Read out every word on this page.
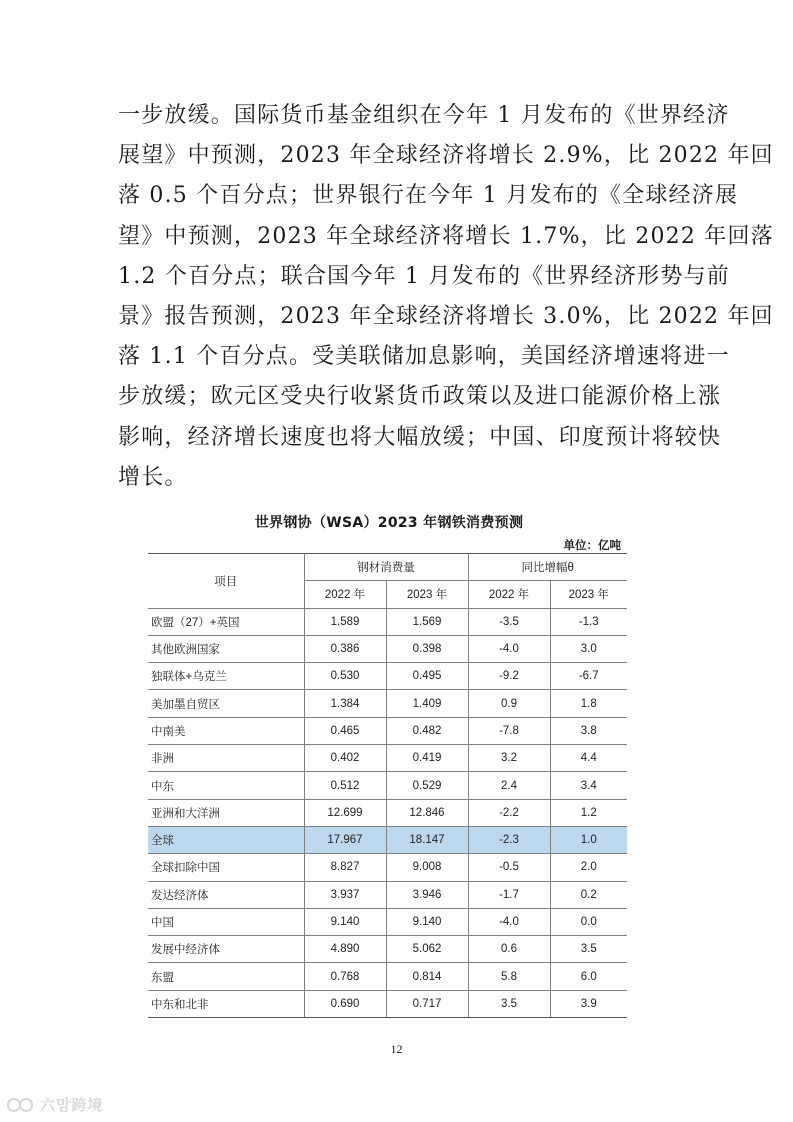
一步放缓。国际货币基金组织在今年 1 月发布的《世界经济
展望》中预测，2023 年全球经济将增长 2.9%，比 2022 年回
落 0.5 个百分点；世界银行在今年 1 月发布的《全球经济展
望》中预测，2023 年全球经济将增长 1.7%，比 2022 年回落
1.2 个百分点；联合国今年 1 月发布的《世界经济形势与前
景》报告预测，2023 年全球经济将增长 3.0%，比 2022 年回
落 1.1 个百分点。受美联储加息影响，美国经济增速将进一
步放缓；欧元区受央行收紧货币政策以及进口能源价格上涨
影响，经济增长速度也将大幅放缓；中国、印度预计将较快
增长。
世界钢协（WSA）2023 年钢铁消费预测
单位：亿吨
项目	钢材消费量		同比增幅θ	
	2022 年	2023 年	2022 年	2023 年
欧盟（27）+英国	1.589	1.569	-3.5	-1.3
其他欧洲国家	0.386	0.398	-4.0	3.0
独联体+乌克兰	0.530	0.495	-9.2	-6.7
美加墨自贸区	1.384	1.409	0.9	1.8
中南美	0.465	0.482	-7.8	3.8
非洲	0.402	0.419	3.2	4.4
中东	0.512	0.529	2.4	3.4
亚洲和大洋洲	12.699	12.846	-2.2	1.2
全球	17.967	18.147	-2.3	1.0
全球扣除中国	8.827	9.008	-0.5	2.0
发达经济体	3.937	3.946	-1.7	0.2
中国	9.140	9.140	-4.0	0.0
发展中经济体	4.890	5.062	0.6	3.5
东盟	0.768	0.814	5.8	6.0
中东和北非	0.690	0.717	3.5	3.9
12
六맘跨境
